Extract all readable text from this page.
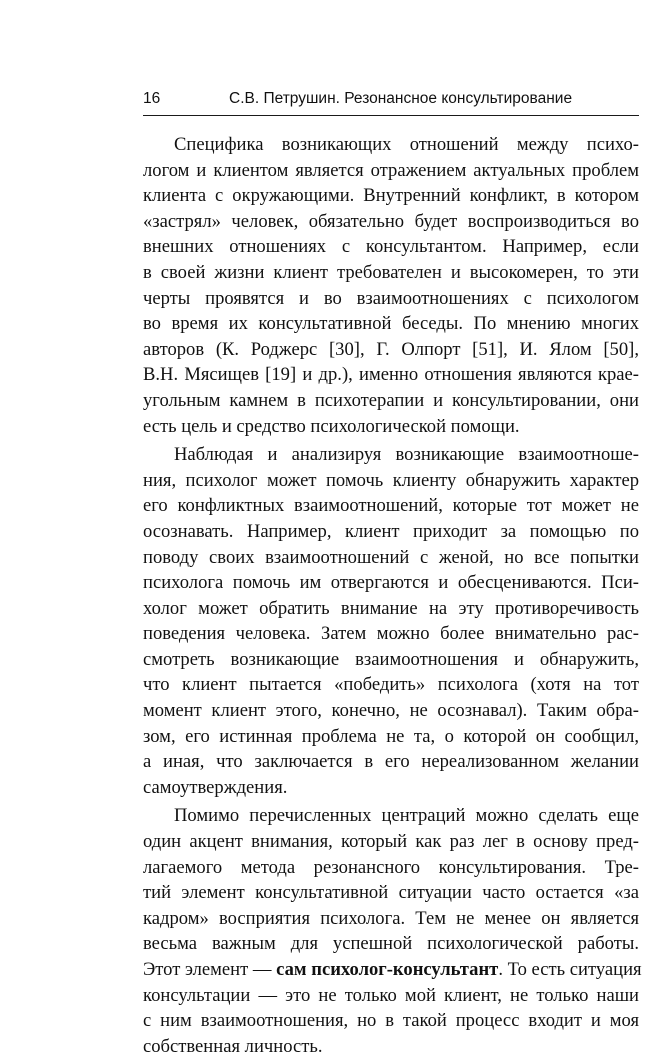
16	С.В. Петрушин. Резонансное консультирование
Специфика возникающих отношений между психо-
логом и клиентом является отражением актуальных проблем
клиента с окружающими. Внутренний конфликт, в котором
«застрял» человек, обязательно будет воспроизводиться во
внешних отношениях с консультантом. Например, если
в своей жизни клиент требователен и высокомерен, то эти
черты проявятся и во взаимоотношениях с психологом
во время их консультативной беседы. По мнению многих
авторов (К. Роджерс [30], Г. Олпорт [51], И. Ялом [50],
В.Н. Мясищев [19] и др.), именно отношения являются крае-
угольным камнем в психотерапии и консультировании, они
есть цель и средство психологической помощи.
Наблюдая и анализируя возникающие взаимоотноше-
ния, психолог может помочь клиенту обнаружить характер
его конфликтных взаимоотношений, которые тот может не
осознавать. Например, клиент приходит за помощью по
поводу своих взаимоотношений с женой, но все попытки
психолога помочь им отвергаются и обесцениваются. Пси-
холог может обратить внимание на эту противоречивость
поведения человека. Затем можно более внимательно рас-
смотреть возникающие взаимоотношения и обнаружить,
что клиент пытается «победить» психолога (хотя на тот
момент клиент этого, конечно, не осознавал). Таким обра-
зом, его истинная проблема не та, о которой он сообщил,
а иная, что заключается в его нереализованном желании
самоутверждения.
Помимо перечисленных центраций можно сделать еще
один акцент внимания, который как раз лег в основу пред-
лагаемого метода резонансного консультирования. Тре-
тий элемент консультативной ситуации часто остается «за
кадром» восприятия психолога. Тем не менее он является
весьма важным для успешной психологической работы.
Этот элемент — сам психолог-консультант. То есть ситуация
консультации — это не только мой клиент, не только наши
с ним взаимоотношения, но в такой процесс входит и моя
собственная личность.
